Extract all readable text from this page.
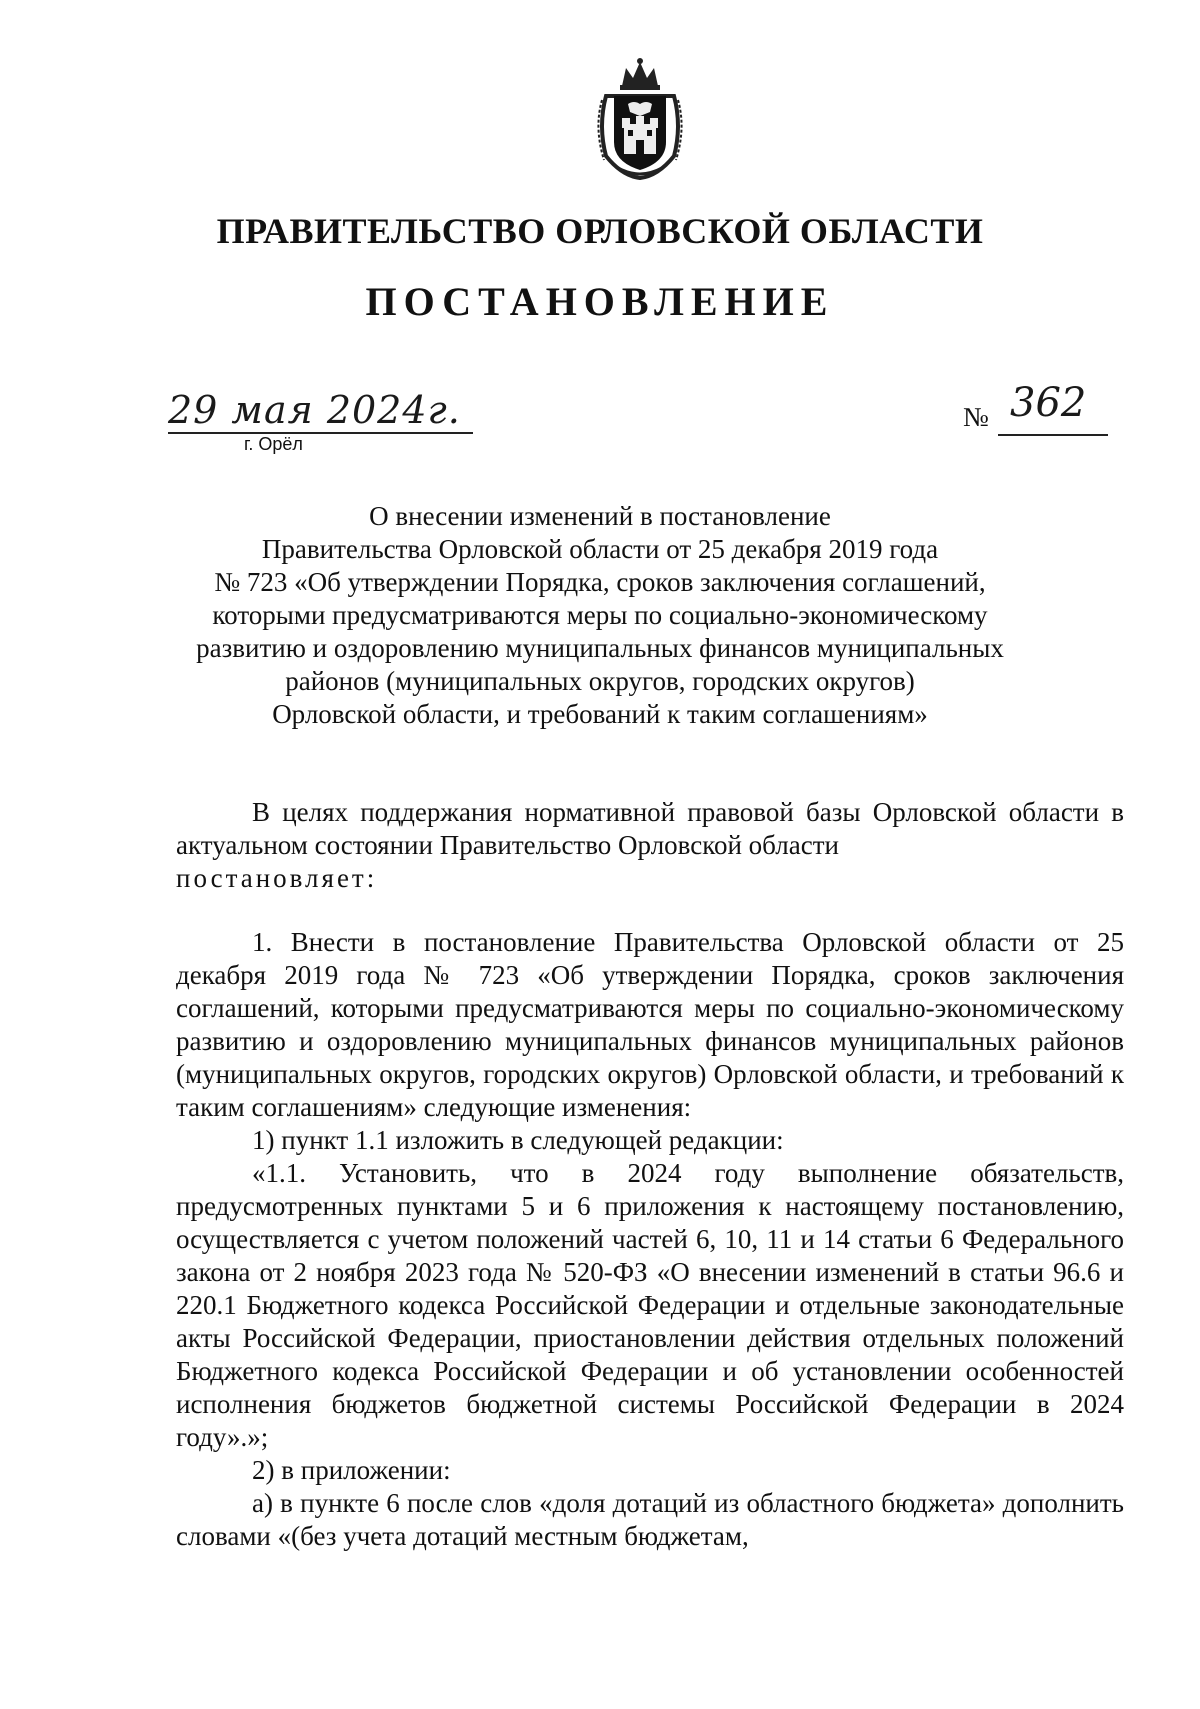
ПРАВИТЕЛЬСТВО ОРЛОВСКОЙ ОБЛАСТИ
ПОСТАНОВЛЕНИЕ
29 мая 2024г.
г. Орёл
№ 362
О внесении изменений в постановление
Правительства Орловской области от 25 декабря 2019 года
№ 723 «Об утверждении Порядка, сроков заключения соглашений,
которыми предусматриваются меры по социально-экономическому
развитию и оздоровлению муниципальных финансов муниципальных
районов (муниципальных округов, городских округов)
Орловской области, и требований к таким соглашениям»

В целях поддержания нормативной правовой базы Орловской области в актуальном состоянии Правительство Орловской области

постановляет:

1. Внести в постановление Правительства Орловской области от 25 декабря 2019 года № 723 «Об утверждении Порядка, сроков заключения соглашений, которыми предусматриваются меры по социально-экономическому развитию и оздоровлению муниципальных финансов муниципальных районов (муниципальных округов, городских округов) Орловской области, и требований к таким соглашениям» следующие изменения:

1) пункт 1.1 изложить в следующей редакции:

«1.1. Установить, что в 2024 году выполнение обязательств, предусмотренных пунктами 5 и 6 приложения к настоящему постановлению, осуществляется с учетом положений частей 6, 10, 11 и 14 статьи 6 Федерального закона от 2 ноября 2023 года № 520-ФЗ «О внесении изменений в статьи 96.6 и 220.1 Бюджетного кодекса Российской Федерации и отдельные законодательные акты Российской Федерации, приостановлении действия отдельных положений Бюджетного кодекса Российской Федерации и об установлении особенностей исполнения бюджетов бюджетной системы Российской Федерации в 2024 году».»;

2) в приложении:

а) в пункте 6 после слов «доля дотаций из областного бюджета» дополнить словами «(без учета дотаций местным бюджетам,
